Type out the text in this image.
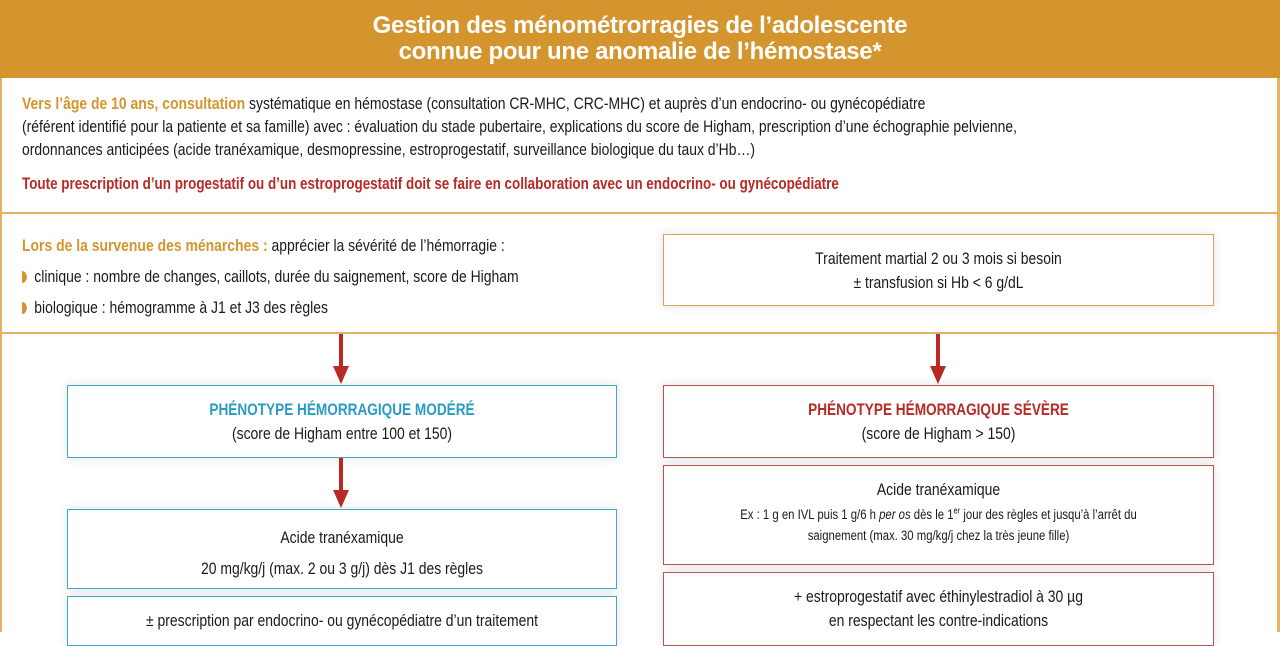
Gestion des ménométrorragies de l’adolescente
connue pour une anomalie de l’hémostase*
Vers l’âge de 10 ans, consultation systématique en hémostase (consultation CR-MHC, CRC-MHC) et auprès d’un endocrino- ou gynécopédiatre
(référent identifié pour la patiente et sa famille) avec : évaluation du stade pubertaire, explications du score de Higham, prescription d’une échographie pelvienne,
ordonnances anticipées (acide tranéxamique, desmopressine, estroprogestatif, surveillance biologique du taux d’Hb…)
Toute prescription d’un progestatif ou d’un estroprogestatif doit se faire en collaboration avec un endocrino- ou gynécopédiatre
Lors de la survenue des ménarches : apprécier la sévérité de l’hémorragie :
clinique : nombre de changes, caillots, durée du saignement, score de Higham
biologique : hémogramme à J1 et J3 des règles
Traitement martial 2 ou 3 mois si besoin
± transfusion si Hb < 6 g/dL
PHÉNOTYPE HÉMORRAGIQUE MODÉRÉ
(score de Higham entre 100 et 150)
Acide tranéxamique
20 mg/kg/j (max. 2 ou 3 g/j) dès J1 des règles
± prescription par endocrino- ou gynécopédiatre d’un traitement
PHÉNOTYPE HÉMORRAGIQUE SÉVÈRE
(score de Higham > 150)
Acide tranéxamique
Ex : 1 g en IVL puis 1 g/6 h per os dès le 1er jour des règles et jusqu’à l’arrêt du
saignement (max. 30 mg/kg/j chez la très jeune fille)
+ estroprogestatif avec éthinylestradiol à 30 µg
en respectant les contre-indications
